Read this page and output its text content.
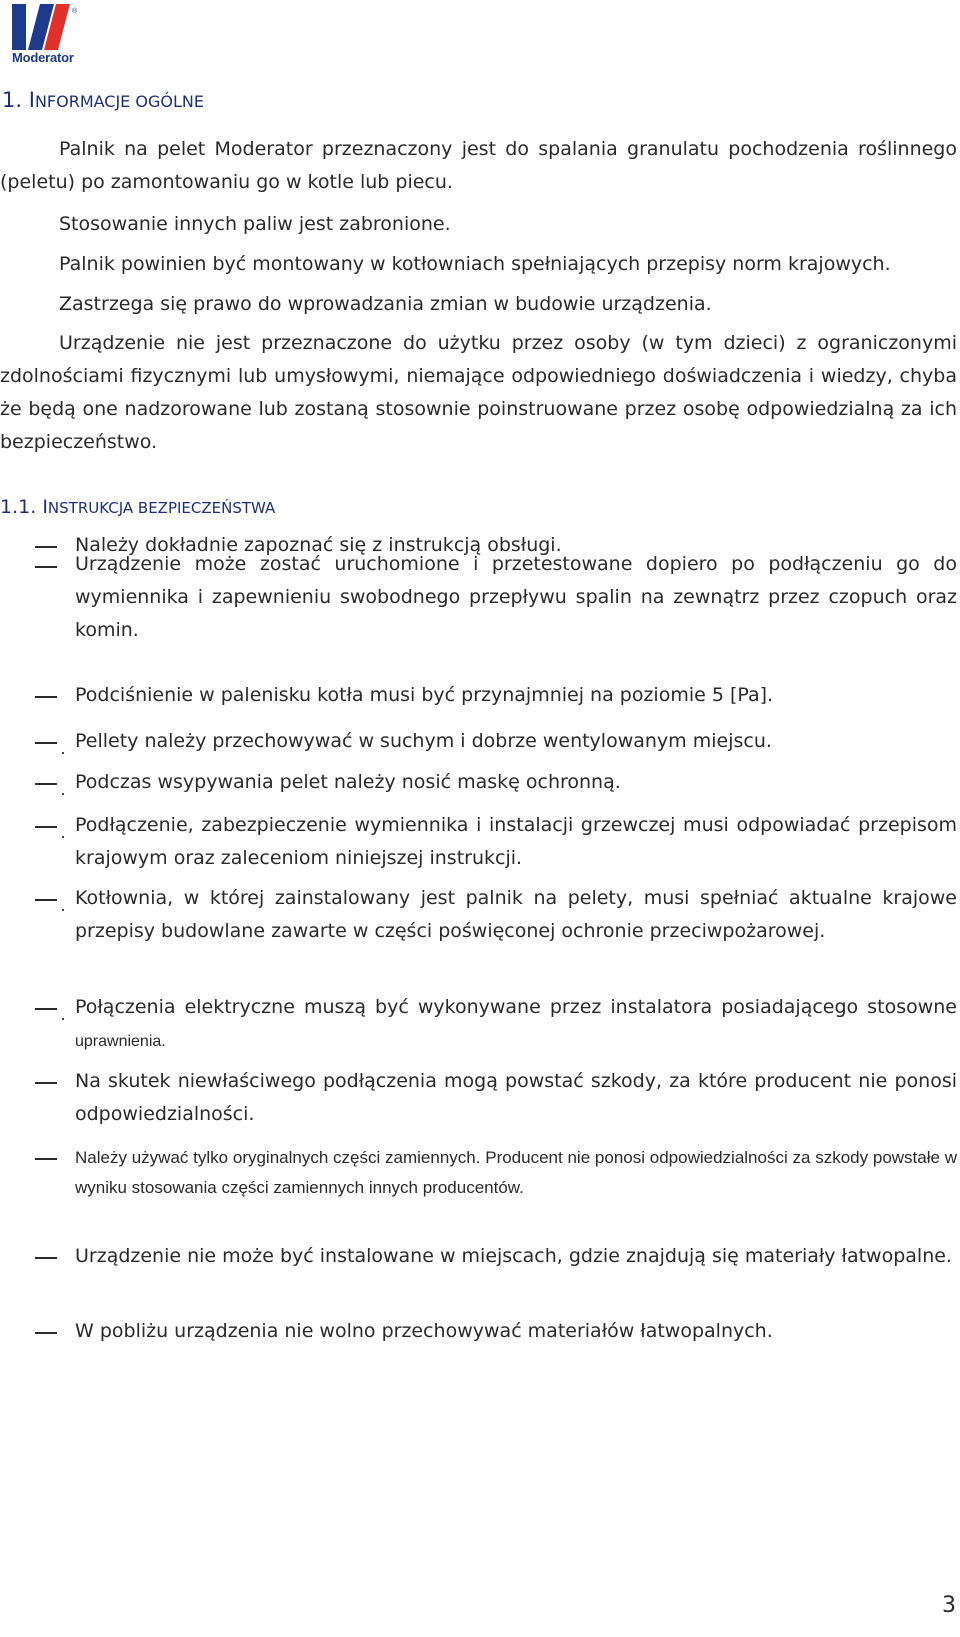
®
Moderator
1. INFORMACJE OGÓLNE

Palnik na pelet Moderator przeznaczony jest do spalania granulatu pochodzenia roślinnego (peletu) po zamontowaniu go w kotle lub piecu.

Stosowanie innych paliw jest zabronione.

Palnik powinien być montowany w kotłowniach spełniających przepisy norm krajowych.

Zastrzega się prawo do wprowadzania zmian w budowie urządzenia.

Urządzenie nie jest przeznaczone do użytku przez osoby (w tym dzieci) z ograniczonymi zdolnościami fizycznymi lub umysłowymi, niemające odpowiedniego doświadczenia i wiedzy, chyba że będą one nadzorowane lub zostaną stosownie poinstruowane przez osobę odpowiedzialną za ich bezpieczeństwo.

1.1. INSTRUKCJA BEZPIECZEŃSTWA

Należy dokładnie zapoznać się z instrukcją obsługi.

Urządzenie może zostać uruchomione i przetestowane dopiero po podłączeniu go do wymiennika i zapewnieniu swobodnego przepływu spalin na zewnątrz przez czopuch oraz komin.

Podciśnienie w palenisku kotła musi być przynajmniej na poziomie 5 [Pa].

Pellety należy przechowywać w suchym i dobrze wentylowanym miejscu.

Podczas wsypywania pelet należy nosić maskę ochronną.

Podłączenie, zabezpieczenie wymiennika i instalacji grzewczej musi odpowiadać przepisom krajowym oraz zaleceniom niniejszej instrukcji.

Kotłownia, w której zainstalowany jest palnik na pelety, musi spełniać aktualne krajowe przepisy budowlane zawarte w części poświęconej ochronie przeciwpożarowej.

Połączenia elektryczne muszą być wykonywane przez instalatora posiadającego stosowne uprawnienia.

Na skutek niewłaściwego podłączenia mogą powstać szkody, za które producent nie ponosi odpowiedzialności.

Należy używać tylko oryginalnych części zamiennych. Producent nie ponosi odpowiedzialności za szkody powstałe w wyniku stosowania części zamiennych innych producentów.

Urządzenie nie może być instalowane w miejscach, gdzie znajdują się materiały łatwopalne.

W pobliżu urządzenia nie wolno przechowywać materiałów łatwopalnych.

3
